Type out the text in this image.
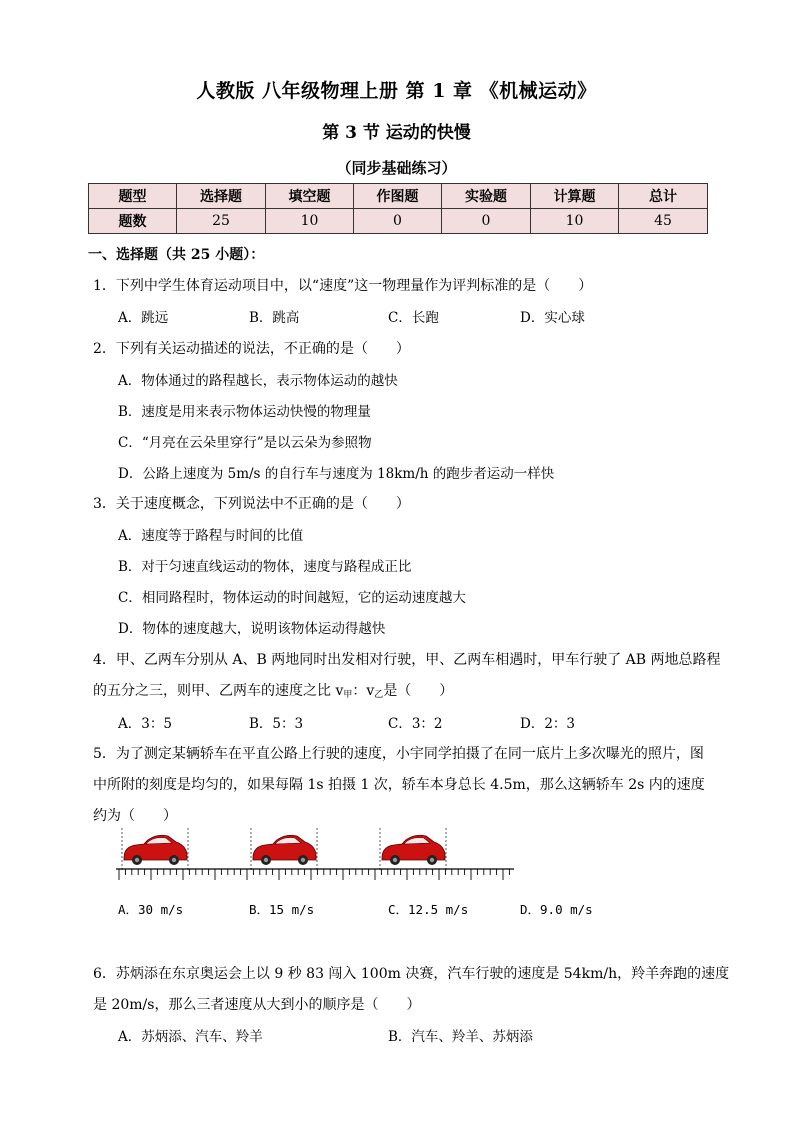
人教版 八年级物理上册 第 1 章 《机械运动》
第 3 节 运动的快慢
（同步基础练习）
题型	选择题	填空题	作图题	实验题	计算题	总计
题数	25	10	0	0	10	45
一、选择题（共 25 小题）：
1．下列中学生体育运动项目中，以“速度”这一物理量作为评判标准的是（　　）
A．跳远	B．跳高	C．长跑	D．实心球
2．下列有关运动描述的说法，不正确的是（　　）
A．物体通过的路程越长，表示物体运动的越快
B．速度是用来表示物体运动快慢的物理量
C．“月亮在云朵里穿行”是以云朵为参照物
D．公路上速度为 5m/s 的自行车与速度为 18km/h 的跑步者运动一样快
3．关于速度概念，下列说法中不正确的是（　　）
A．速度等于路程与时间的比值
B．对于匀速直线运动的物体，速度与路程成正比
C．相同路程时，物体运动的时间越短，它的运动速度越大
D．物体的速度越大，说明该物体运动得越快
4．甲、乙两车分别从 A、B 两地同时出发相对行驶，甲、乙两车相遇时，甲车行驶了 AB 两地总路程
的五分之三，则甲、乙两车的速度之比 $v_甲$：$v_乙$是（　　）
A．3：5	B．5：3	C．3：2	D．2：3
5．为了测定某辆轿车在平直公路上行驶的速度，小宇同学拍摄了在同一底片上多次曝光的照片，图
中所附的刻度是均匀的，如果每隔 1s 拍摄 1 次，轿车本身总长 4.5m，那么这辆轿车 2s 内的速度
约为（　　）
A．30 m/s	B．15 m/s	C．12.5 m/s	D．9.0 m/s
6．苏炳添在东京奥运会上以 9 秒 83 闯入 100m 决赛，汽车行驶的速度是 54km/h，羚羊奔跑的速度
是 20m/s，那么三者速度从大到小的顺序是（　　）
A．苏炳添、汽车、羚羊	B．汽车、羚羊、苏炳添
